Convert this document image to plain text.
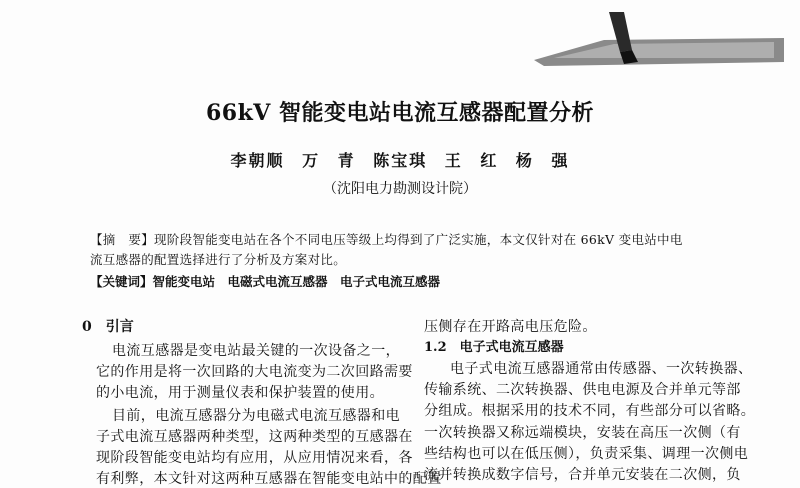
66kV 智能变电站电流互感器配置分析
李朝顺 万 青 陈宝琪 王 红 杨 强
（沈阳电力勘测设计院）
【摘　要】现阶段智能变电站在各个不同电压等级上均得到了广泛实施，本文仅针对在 66kV 变电站中电
流互感器的配置选择进行了分析及方案对比。
【关键词】智能变电站　电磁式电流互感器　电子式电流互感器
0　引言
电流互感器是变电站最关键的一次设备之一，
它的作用是将一次回路的大电流变为二次回路需要
的小电流，用于测量仪表和保护装置的使用。
目前，电流互感器分为电磁式电流互感器和电
子式电流互感器两种类型，这两种类型的互感器在
现阶段智能变电站均有应用，从应用情况来看，各
有利弊，本文针对这两种互感器在智能变电站中的配置
压侧存在开路高电压危险。
1.2　电子式电流互感器
电子式电流互感器通常由传感器、一次转换器、
传输系统、二次转换器、供电电源及合并单元等部
分组成。根据采用的技术不同，有些部分可以省略。
一次转换器又称远端模块，安装在高压一次侧（有
些结构也可以在低压侧），负责采集、调理一次侧电
流并转换成数字信号，合并单元安装在二次侧，负
